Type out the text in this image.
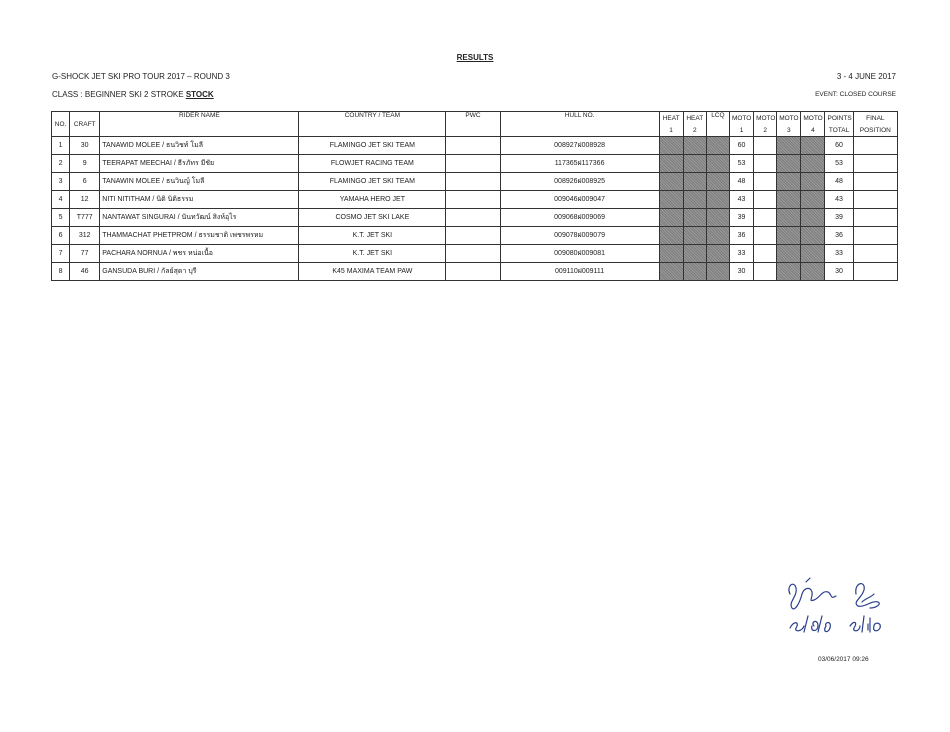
RESULTS
G-SHOCK JET SKI PRO TOUR 2017 – ROUND 3	3 - 4 JUNE 2017
CLASS : BEGINNER SKI 2 STROKE STOCK	EVENT: CLOSED COURSE
NO.	CRAFT	RIDER NAME	COUNTRY / TEAM	PWC	HULL NO.	HEAT	HEAT	LCQ	MOTO	MOTO	MOTO	MOTO	POINTS	FINAL
						1	2		1	2	3	4	TOTAL	POSITION
1	30	TANAWID MOLEE / ธนวิชท์ โมลี	FLAMINGO JET SKI TEAM		008927ฝ008928				60				60	
2	9	TEERAPAT MEECHAI / ธีรภัทร มีชัย	FLOWJET RACING TEAM		117365ฝ117366				53				53	
3	6	TANAWIN MOLEE / ธนวินญ์ โมลี	FLAMINGO JET SKI TEAM		008926ฝ008925				48				48	
4	12	NITI NITITHAM / นิติ นิติธรรม	YAMAHA HERO JET		009046ฝ009047				43				43	
5	T777	NANTAWAT SINGURAI / นันทวัฒน์ สิงห์อุไร	COSMO JET SKI LAKE		009068ฝ009069				39				39	
6	312	THAMMACHAT PHETPROM / ธรรมชาติ เพชรพรหม	K.T. JET SKI		009078ฝ009079				36				36	
7	77	PACHARA NORNUA / พชร หน่อเนื้อ	K.T. JET SKI		009080ฝ009081				33				33	
8	46	GANSUDA BURI / กัลย์สุดา บุรี	K45 MAXIMA TEAM PAW		009110ฝ009111				30				30	
03/06/2017 09:26
